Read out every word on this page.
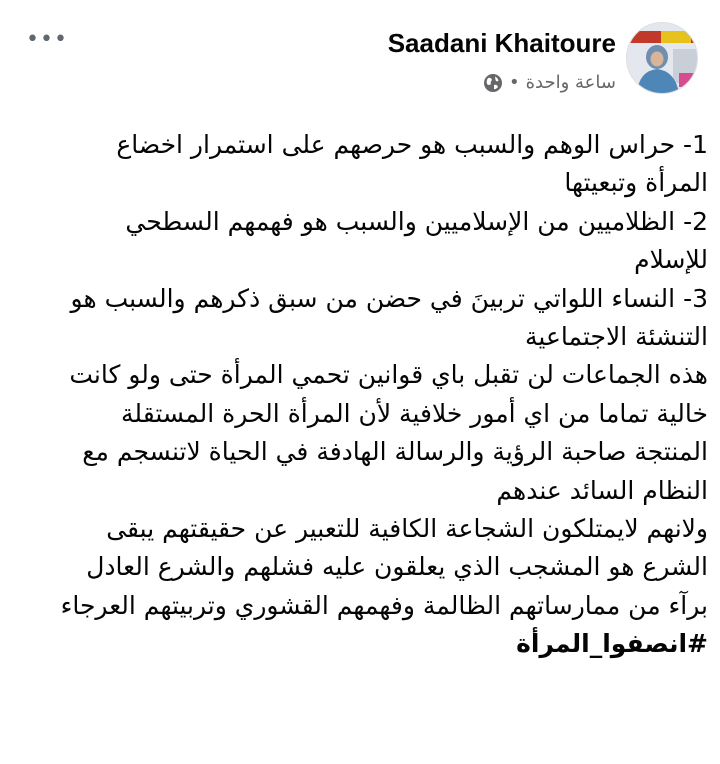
•••	Saadani Khaitoure
ساعة واحدة
•
1- حراس الوهم والسبب هو حرصهم على استمرار اخضاع
المرأة وتبعيتها
2- الظلاميين من الإسلاميين والسبب هو فهمهم السطحي
للإسلام
3- النساء اللواتي تربينَ في حضن من سبق ذكرهم والسبب هو
التنشئة الاجتماعية
هذه الجماعات لن تقبل باي قوانين تحمي المرأة حتى ولو كانت
خالية تماما من اي أمور خلافية لأن المرأة الحرة المستقلة
المنتجة صاحبة الرؤية والرسالة الهادفة في الحياة لاتنسجم مع
النظام السائد عندهم
ولانهم لايمتلكون الشجاعة الكافية للتعبير عن حقيقتهم يبقى
الشرع هو المشجب الذي يعلقون عليه فشلهم والشرع العادل
برآء من ممارساتهم الظالمة وفهمهم القشوري وتربيتهم العرجاء
#انصفوا_المرأة
